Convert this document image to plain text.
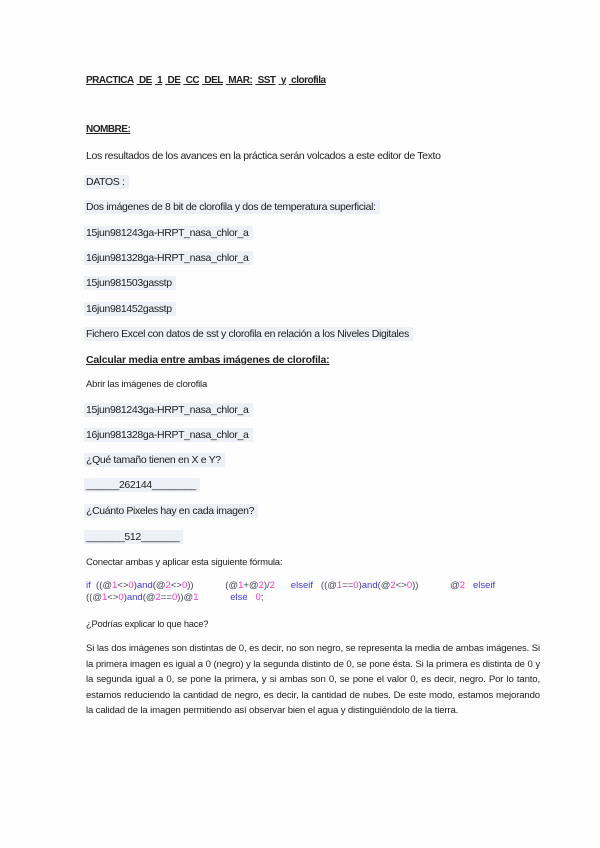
PRACTICA DE 1 DE CC DEL MAR: SST y clorofila
NOMBRE:
Los resultados de los avances en la práctica serán volcados a este editor de Texto
DATOS :
Dos imágenes de 8 bit de clorofila y dos de temperatura superficial:
15jun981243ga-HRPT_nasa_chlor_a
16jun981328ga-HRPT_nasa_chlor_a
15jun981503gasstp
16jun981452gasstp
Fichero Excel con datos de sst y clorofila en relación a los Niveles Digitales
Calcular media entre ambas imágenes de clorofila:
Abrir las imágenes de clorofila
15jun981243ga-HRPT_nasa_chlor_a
16jun981328ga-HRPT_nasa_chlor_a
¿Qué tamaño tienen en X e Y?
______262144________
¿Cuánto Pixeles hay en cada imagen?
_______512_______
Conectar ambas y aplicar esta siguiente fórmula:
if  ((@1<>0)and(@2<>0))            (@1+@2)/2      elseif   ((@1==0)and(@2<>0))            @2   elseif
((@1<>0)and(@2==0))@1            else 0;
¿Podrías explicar lo que hace?
Si las dos imágenes son distintas de 0, es decir, no son negro, se representa la media de ambas imágenes. Si la primera imagen es igual a 0 (negro) y la segunda distinto de 0, se pone ésta. Si la primera es distinta de 0 y la segunda igual a 0, se pone la primera, y si ambas son 0, se pone el valor 0, es decir, negro. Por lo tanto, estamos reduciendo la cantidad de negro, es decir, la cantidad de nubes. De este modo, estamos mejorando la calidad de la imagen permitiendo así observar bien el agua y distinguiéndolo de la tierra.
